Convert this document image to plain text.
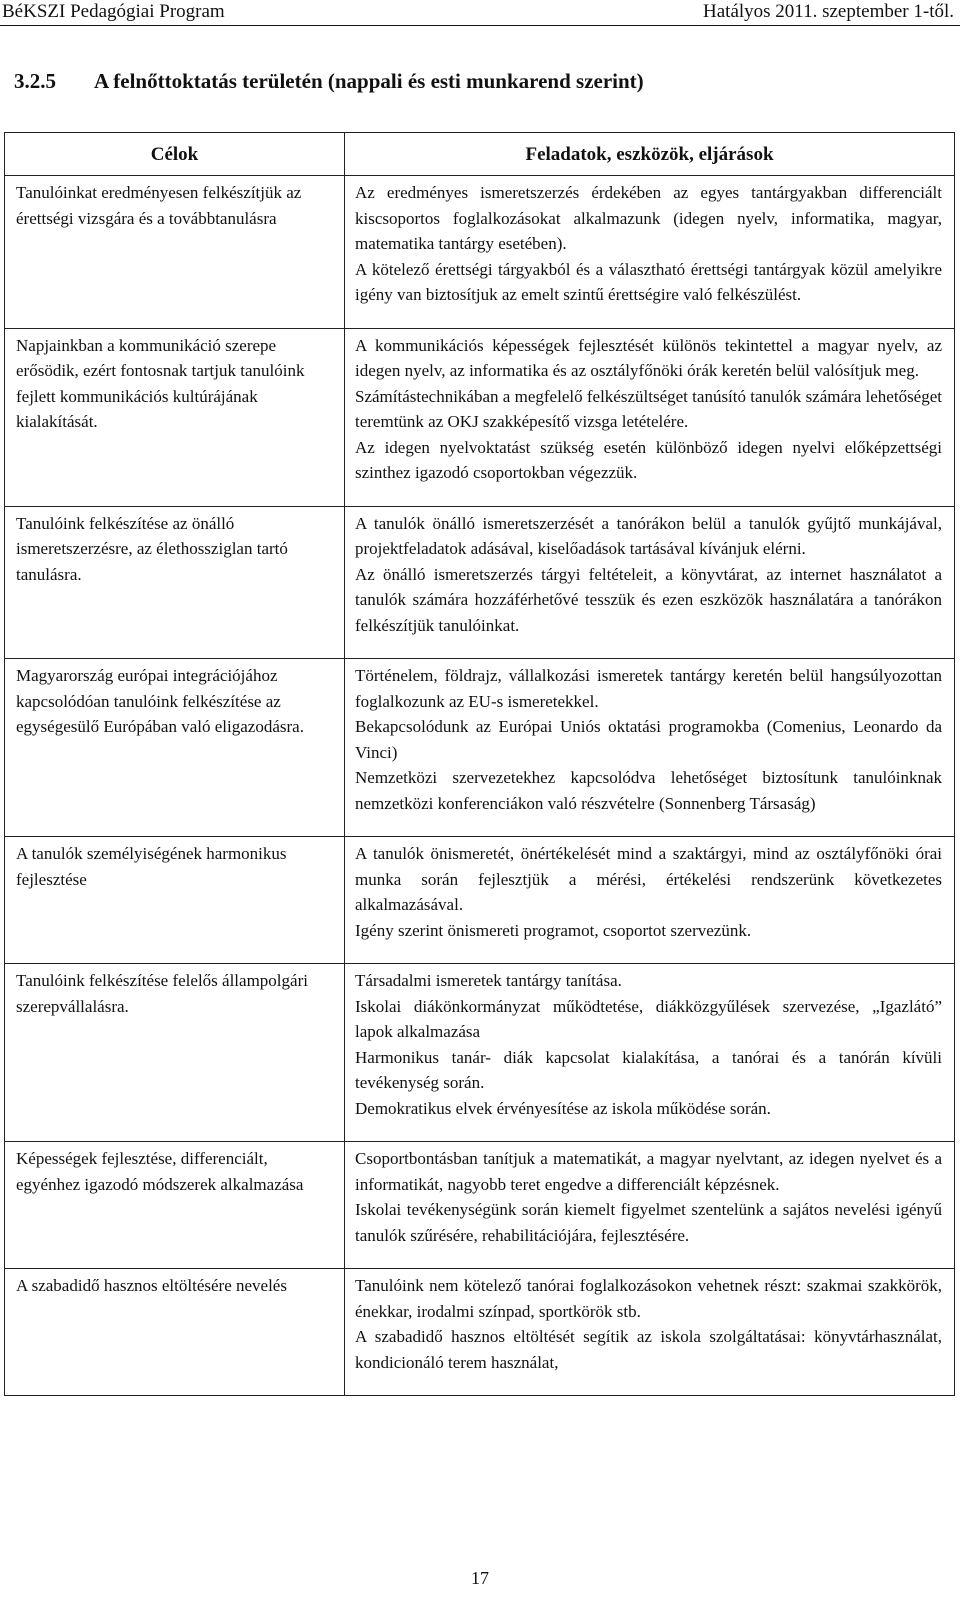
BéKSZI Pedagógiai Program	Hatályos 2011. szeptember 1-től.
3.2.5 A felnőttoktatás területén (nappali és esti munkarend szerint)
Célok	Feladatok, eszközök, eljárások
Tanulóinkat eredményesen felkészítjük az érettségi vizsgára és a továbbtanulásra	Az eredményes ismeretszerzés érdekében az egyes tantárgyakban differenciált kiscsoportos foglalkozásokat alkalmazunk (idegen nyelv, informatika, magyar, matematika tantárgy esetében).
A kötelező érettségi tárgyakból és a választható érettségi tantárgyak közül amelyikre igény van biztosítjuk az emelt szintű érettségire való felkészülést.

Napjainkban a kommunikáció szerepe erősödik, ezért fontosnak tartjuk tanulóink fejlett kommunikációs kultúrájának kialakítását.	A kommunikációs képességek fejlesztését különös tekintettel a magyar nyelv, az idegen nyelv, az informatika és az osztályfőnöki órák keretén belül valósítjuk meg.
Számítástechnikában a megfelelő felkészültséget tanúsító tanulók számára lehetőséget teremtünk az OKJ szakképesítő vizsga letételére.
Az idegen nyelvoktatást szükség esetén különböző idegen nyelvi előképzettségi szinthez igazodó csoportokban végezzük.

Tanulóink felkészítése az önálló ismeretszerzésre, az élethossziglan tartó tanulásra.	A tanulók önálló ismeretszerzését a tanórákon belül a tanulók gyűjtő munkájával, projektfeladatok adásával, kiselőadások tartásával kívánjuk elérni.
Az önálló ismeretszerzés tárgyi feltételeit, a könyvtárat, az internet használatot a tanulók számára hozzáférhetővé tesszük és ezen eszközök használatára a tanórákon felkészítjük tanulóinkat.

Magyarország európai integrációjához kapcsolódóan tanulóink felkészítése az egységesülő Európában való eligazodásra.	Történelem, földrajz, vállalkozási ismeretek tantárgy keretén belül hangsúlyozottan foglalkozunk az EU-s ismeretekkel.
Bekapcsolódunk az Európai Uniós oktatási programokba (Comenius, Leonardo da Vinci)
Nemzetközi szervezetekhez kapcsolódva lehetőséget biztosítunk tanulóinknak nemzetközi konferenciákon való részvételre (Sonnenberg Társaság)

A tanulók személyiségének harmonikus fejlesztése	A tanulók önismeretét, önértékelését mind a szaktárgyi, mind az osztályfőnöki órai munka során fejlesztjük a mérési, értékelési rendszerünk következetes alkalmazásával.
Igény szerint önismereti programot, csoportot szervezünk.

Tanulóink felkészítése felelős állampolgári szerepvállalásra.	Társadalmi ismeretek tantárgy tanítása.
Iskolai diákönkormányzat működtetése, diákközgyűlések szervezése, „Igazlátó” lapok alkalmazása
Harmonikus tanár- diák kapcsolat kialakítása, a tanórai és a tanórán kívüli tevékenység során.
Demokratikus elvek érvényesítése az iskola működése során.

Képességek fejlesztése, differenciált, egyénhez igazodó módszerek alkalmazása	Csoportbontásban tanítjuk a matematikát, a magyar nyelvtant, az idegen nyelvet és a informatikát, nagyobb teret engedve a differenciált képzésnek.
Iskolai tevékenységünk során kiemelt figyelmet szentelünk a sajátos nevelési igényű tanulók szűrésére, rehabilitációjára, fejlesztésére.

A szabadidő hasznos eltöltésére nevelés	Tanulóink nem kötelező tanórai foglalkozásokon vehetnek részt: szakmai szakkörök, énekkar, irodalmi színpad, sportkörök stb.
A szabadidő hasznos eltöltését segítik az iskola szolgáltatásai: könyvtárhasználat, kondicionáló terem használat,
17
